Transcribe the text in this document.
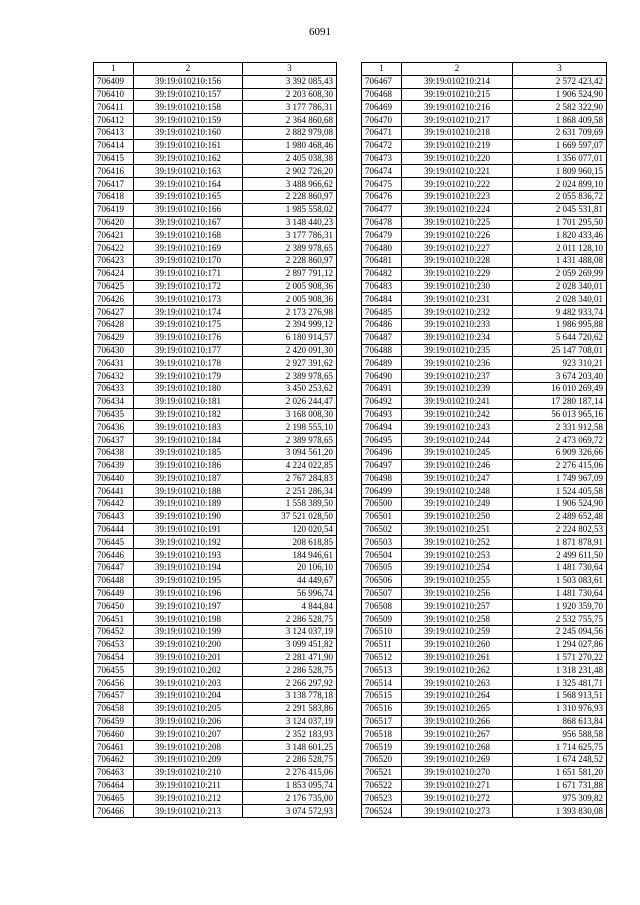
6091
1	2	3
706409	39:19:010210:156	3 392 085,43
706410	39:19:010210:157	2 203 608,30
706411	39:19:010210:158	3 177 786,31
706412	39:19:010210:159	2 364 860,68
706413	39:19:010210:160	2 882 979,08
706414	39:19:010210:161	1 980 468,46
706415	39:19:010210:162	2 405 038,38
706416	39:19:010210:163	2 902 726,20
706417	39:19:010210:164	3 488 966,62
706418	39:19:010210:165	2 228 860,97
706419	39:19:010210:166	1 985 558,02
706420	39:19:010210:167	3 148 440,23
706421	39:19:010210:168	3 177 786,31
706422	39:19:010210:169	2 389 978,65
706423	39:19:010210:170	2 228 860,97
706424	39:19:010210:171	2 897 791,12
706425	39:19:010210:172	2 005 908,36
706426	39:19:010210:173	2 005 908,36
706427	39:19:010210:174	2 173 276,98
706428	39:19:010210:175	2 394 999,12
706429	39:19:010210:176	6 180 914,57
706430	39:19:010210:177	2 420 091,30
706431	39:19:010210:178	2 927 391,62
706432	39:19:010210:179	2 389 978,65
706433	39:19:010210:180	3 450 253,62
706434	39:19:010210:181	2 026 244,47
706435	39:19:010210:182	3 168 008,30
706436	39:19:010210:183	2 198 555,10
706437	39:19:010210:184	2 389 978,65
706438	39:19:010210:185	3 094 561,20
706439	39:19:010210:186	4 224 022,85
706440	39:19:010210:187	2 767 284,83
706441	39:19:010210:188	2 251 286,34
706442	39:19:010210:189	1 558 389,50
706443	39:19:010210:190	37 521 028,50
706444	39:19:010210:191	120 020,54
706445	39:19:010210:192	208 618,85
706446	39:19:010210:193	184 946,61
706447	39:19:010210:194	20 106,10
706448	39:19:010210:195	44 449,67
706449	39:19:010210:196	56 996,74
706450	39:19:010210:197	4 844,84
706451	39:19:010210:198	2 286 528,75
706452	39:19:010210:199	3 124 037,19
706453	39:19:010210:200	3 099 451,82
706454	39:19:010210:201	2 281 471,90
706455	39:19:010210:202	2 286 528,75
706456	39:19:010210:203	2 266 297,92
706457	39:19:010210:204	3 138 778,18
706458	39:19:010210:205	2 291 583,86
706459	39:19:010210:206	3 124 037,19
706460	39:19:010210:207	2 352 183,93
706461	39:19:010210:208	3 148 601,25
706462	39:19:010210:209	2 286 528,75
706463	39:19:010210:210	2 276 415,06
706464	39:19:010210:211	1 853 095,74
706465	39:19:010210:212	2 176 735,00
706466	39:19:010210:213	3 074 572,93
1	2	3
706467	39:19:010210:214	2 572 423,42
706468	39:19:010210:215	1 906 524,90
706469	39:19:010210:216	2 582 322,90
706470	39:19:010210:217	1 868 409,58
706471	39:19:010210:218	2 631 709,69
706472	39:19:010210:219	1 669 597,07
706473	39:19:010210:220	1 356 077,01
706474	39:19:010210:221	1 809 960,15
706475	39:19:010210:222	2 024 899,10
706476	39:19:010210:223	2 055 836,72
706477	39:19:010210:224	2 045 531,81
706478	39:19:010210:225	1 701 295,50
706479	39:19:010210:226	1 820 433,46
706480	39:19:010210:227	2 011 128,10
706481	39:19:010210:228	1 431 488,08
706482	39:19:010210:229	2 059 269,99
706483	39:19:010210:230	2 028 340,01
706484	39:19:010210:231	2 028 340,01
706485	39:19:010210:232	9 482 933,74
706486	39:19:010210:233	1 986 995,88
706487	39:19:010210:234	5 644 720,62
706488	39:19:010210:235	25 147 708,01
706489	39:19:010210:236	923 310,21
706490	39:19:010210:237	3 674 203,40
706491	39:19:010210:239	16 010 269,49
706492	39:19:010210:241	17 280 187,14
706493	39:19:010210:242	56 013 965,16
706494	39:19:010210:243	2 331 912,58
706495	39:19:010210:244	2 473 069,72
706496	39:19:010210:245	6 909 326,66
706497	39:19:010210:246	2 276 415,06
706498	39:19:010210:247	1 749 967,09
706499	39:19:010210:248	1 524 405,58
706500	39:19:010210:249	1 906 524,90
706501	39:19:010210:250	2 489 652,48
706502	39:19:010210:251	2 224 802,53
706503	39:19:010210:252	1 871 878,91
706504	39:19:010210:253	2 499 611,50
706505	39:19:010210:254	1 481 730,64
706506	39:19:010210:255	1 503 083,61
706507	39:19:010210:256	1 481 730,64
706508	39:19:010210:257	1 920 359,70
706509	39:19:010210:258	2 532 755,75
706510	39:19:010210:259	2 245 094,56
706511	39:19:010210:260	1 294 027,86
706512	39:19:010210:261	1 571 270,22
706513	39:19:010210:262	1 318 231,48
706514	39:19:010210:263	1 325 481,71
706515	39:19:010210:264	1 568 913,51
706516	39:19:010210:265	1 310 976,93
706517	39:19:010210:266	868 613,84
706518	39:19:010210:267	956 588,58
706519	39:19:010210:268	1 714 625,75
706520	39:19:010210:269	1 674 248,52
706521	39:19:010210:270	1 651 581,20
706522	39:19:010210:271	1 671 731,88
706523	39:19:010210:272	975 309,82
706524	39:19:010210:273	1 393 830,08
